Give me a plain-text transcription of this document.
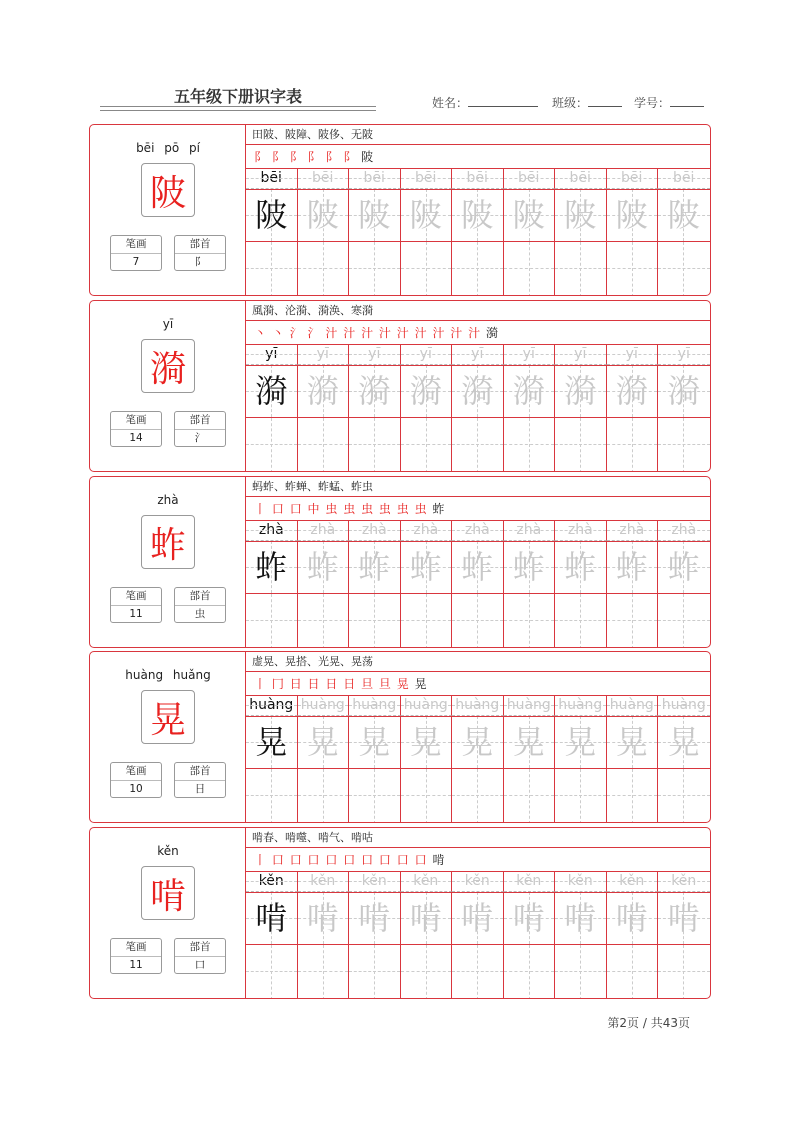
五年级下册识字表	姓名：	班级：	学号：
bēi pō pí
陂
笔画
7
部首
阝
田陂、陂障、陂侈、无陂
⻖ 阝 阝 阝 阝 阝 陂
bēi
陂
bēi
陂
bēi
陂
bēi
陂
bēi
陂
bēi
陂
bēi
陂
bēi
陂
bēi
陂
yī
漪
笔画
14
部首
氵
風漪、沦漪、漪涣、寒漪
丶 丶 氵 氵 汁 汁 汁 汁 汁 汁 汁 汁 汁 漪
yī
漪
yī
漪
yī
漪
yī
漪
yī
漪
yī
漪
yī
漪
yī
漪
yī
漪
zhà
蚱
笔画
11
部首
虫
蚂蚱、蚱蝉、蚱蜢、蚱虫
丨 口 口 中 虫 虫 虫 虫 虫 虫 蚱
zhà
蚱
zhà
蚱
zhà
蚱
zhà
蚱
zhà
蚱
zhà
蚱
zhà
蚱
zhà
蚱
zhà
蚱
huàng huǎng
晃
笔画
10
部首
日
虚晃、晃搭、光晃、晃荡
丨 冂 日 日 日 日 旦 旦 晃 晃
huàng
晃
huàng
晃
huàng
晃
huàng
晃
huàng
晃
huàng
晃
huàng
晃
huàng
晃
huàng
晃
kěn
啃
笔画
11
部首
口
啃春、啃噬、啃气、啃咕
丨 口 口 口 口 口 口 口 口 口 啃
kěn
啃
kěn
啃
kěn
啃
kěn
啃
kěn
啃
kěn
啃
kěn
啃
kěn
啃
kěn
啃
第2页 / 共43页
